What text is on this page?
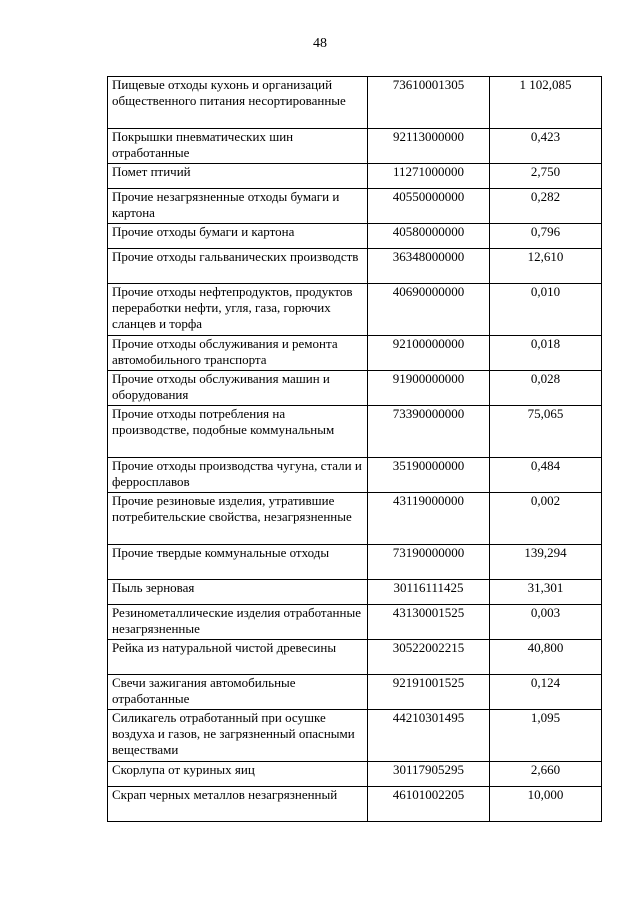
48
Пищевые отходы кухонь и организаций общественного питания несортированные	73610001305	1 102,085
Покрышки пневматических шин отработанные	92113000000	0,423
Помет птичий	11271000000	2,750
Прочие незагрязненные отходы бумаги и картона	40550000000	0,282
Прочие отходы бумаги и картона	40580000000	0,796
Прочие отходы гальванических производств	36348000000	12,610
Прочие отходы нефтепродуктов, продуктов переработки нефти, угля, газа, горючих сланцев и торфа	40690000000	0,010
Прочие отходы обслуживания и ремонта автомобильного транспорта	92100000000	0,018
Прочие отходы обслуживания машин и оборудования	91900000000	0,028
Прочие отходы потребления на производстве, подобные коммунальным	73390000000	75,065
Прочие отходы производства чугуна, стали и ферросплавов	35190000000	0,484
Прочие резиновые изделия, утратившие потребительские свойства, незагрязненные	43119000000	0,002
Прочие твердые коммунальные отходы	73190000000	139,294
Пыль зерновая	30116111425	31,301
Резинометаллические изделия отработанные незагрязненные	43130001525	0,003
Рейка из натуральной чистой древесины	30522002215	40,800
Свечи зажигания автомобильные отработанные	92191001525	0,124
Силикагель отработанный при осушке воздуха и газов, не загрязненный опасными веществами	44210301495	1,095
Скорлупа от куриных яиц	30117905295	2,660
Скрап черных металлов незагрязненный	46101002205	10,000
